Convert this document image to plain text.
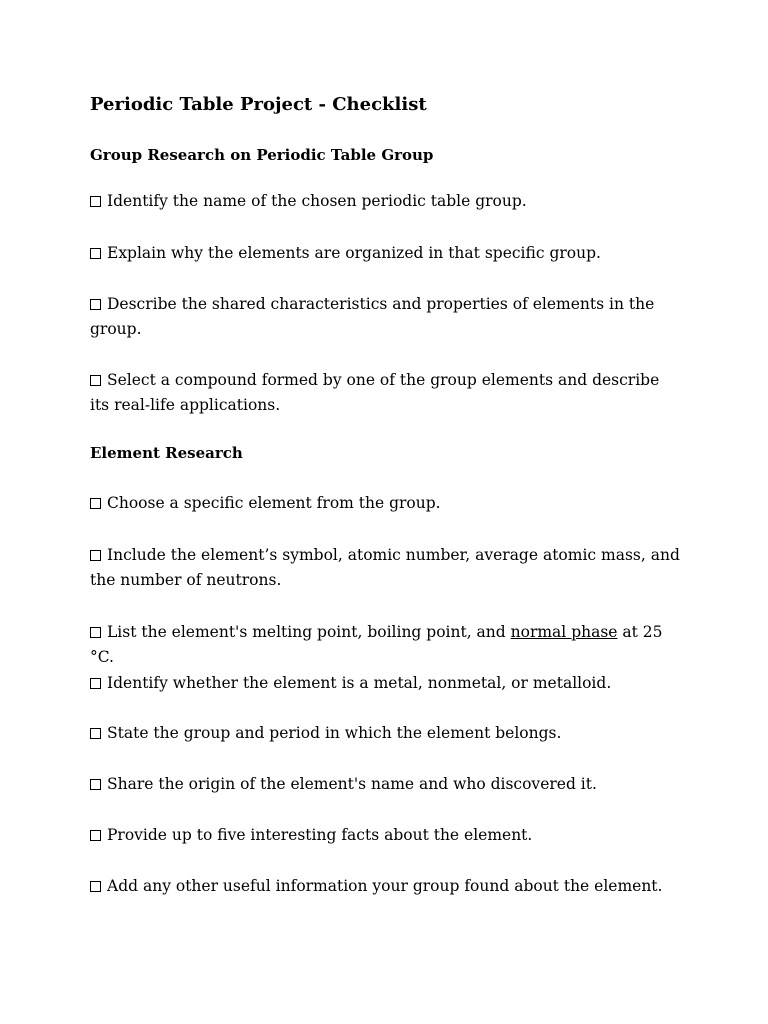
Periodic Table Project - Checklist
Group Research on Periodic Table Group

Identify the name of the chosen periodic table group.

Explain why the elements are organized in that specific group.

Describe the shared characteristics and properties of elements in the group.

Select a compound formed by one of the group elements and describe its real-life applications.

Element Research

Choose a specific element from the group.

Include the element’s symbol, atomic number, average atomic mass, and the number of neutrons.

List the element's melting point, boiling point, and normal phase at 25 °C.

Identify whether the element is a metal, nonmetal, or metalloid.

State the group and period in which the element belongs.

Share the origin of the element's name and who discovered it.

Provide up to five interesting facts about the element.

Add any other useful information your group found about the element.
